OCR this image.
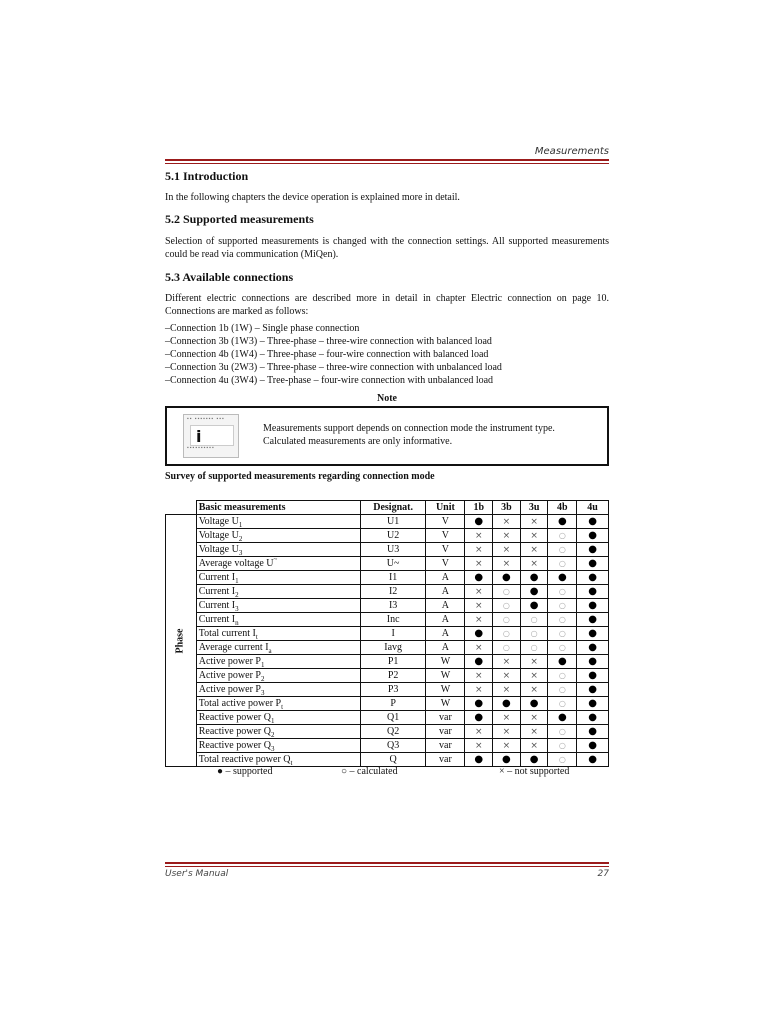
Measurements
5.1 Introduction

In the following chapters the device operation is explained more in detail.

5.2 Supported measurements

Selection of supported measurements is changed with the connection settings. All supported measurements could be read via communication (MiQen).

5.3 Available connections

Different electric connections are described more in detail in chapter Electric connection on page 10. Connections are marked as follows:

–Connection 1b (1W) – Single phase connection
–Connection 3b (1W3) – Three-phase – three-wire connection with balanced load
–Connection 4b (1W4) – Three-phase – four-wire connection with balanced load
–Connection 3u (2W3) – Three-phase – three-wire connection with unbalanced load
–Connection 4u (3W4) – Tree-phase – four-wire connection with unbalanced load
Note
▪▪ ▪▪▪▪▪▪▪ ▪▪▪
i
▪▪▪▪▪▪▪▪▪▪
Measurements support depends on connection mode the instrument type.
Calculated measurements are only informative.
Survey of supported measurements regarding connection mode
	Basic measurements	Designat.	Unit	1b	3b	3u	4b	4u
Phase	Voltage $U_1$	U1	V	●	×	×	●	●
	Voltage $U_2$	U2	V	×	×	×	○	●
	Voltage $U_3$	U3	V	×	×	×	○	●
	Average voltage U~	U~	V	×	×	×	○	●
	Current $I_1$	I1	A	●	●	●	●	●
	Current $I_2$	I2	A	×	○	●	○	●
	Current $I_3$	I3	A	×	○	●	○	●
	Current $I_n$	Inc	A	×	○	○	○	●
	Total current $I_t$	I	A	●	○	○	○	●
	Average current $I_a$	Iavg	A	×	○	○	○	●
	Active power $P_1$	P1	W	●	×	×	●	●
	Active power $P_2$	P2	W	×	×	×	○	●
	Active power $P_3$	P3	W	×	×	×	○	●
	Total active power $P_t$	P	W	●	●	●	○	●
	Reactive power $Q_1$	Q1	var	●	×	×	●	●
	Reactive power $Q_2$	Q2	var	×	×	×	○	●
	Reactive power $Q_3$	Q3	var	×	×	×	○	●
	Total reactive power $Q_t$	Q	var	●	●	●	○	●
● – supported	○ – calculated	× – not supported
User's Manual	27
